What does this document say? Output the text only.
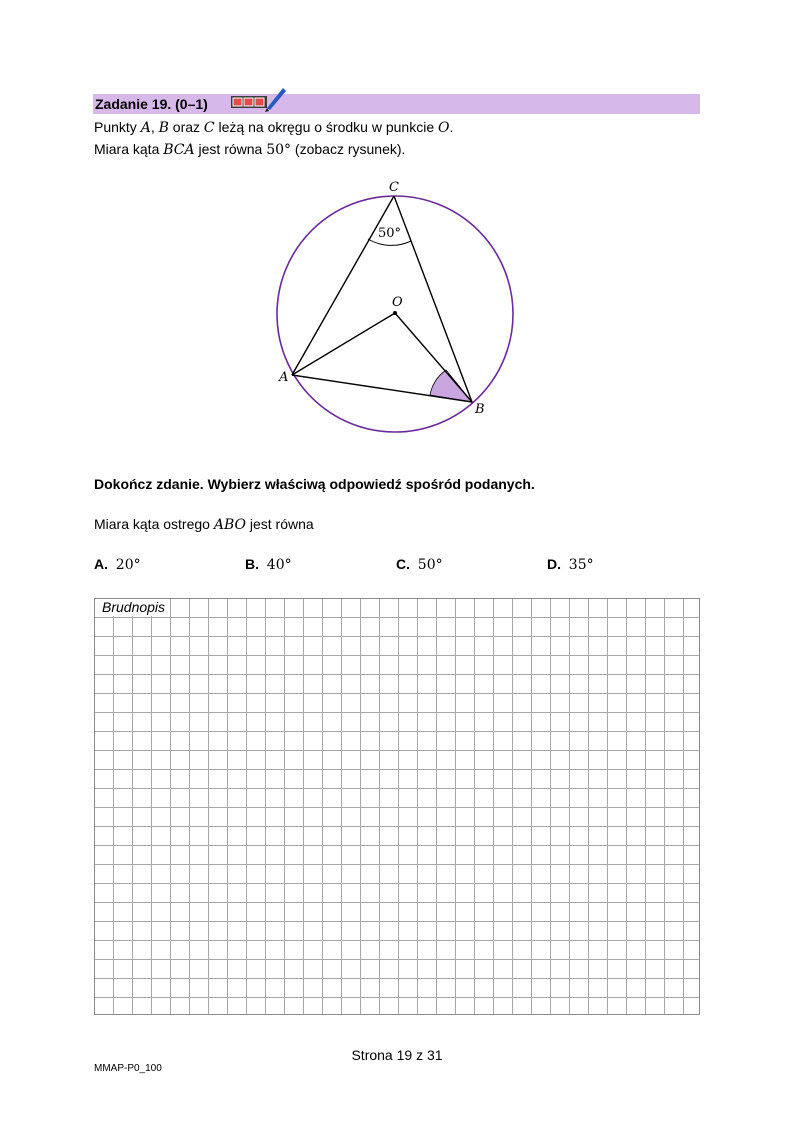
Zadanie 19. (0–1)
Punkty A, B oraz C leżą na okręgu o środku w punkcie O.
Miara kąta BCA jest równa 50° (zobacz rysunek).
C
O
A
B
50°
Dokończ zdanie. Wybierz właściwą odpowiedź spośród podanych.
Miara kąta ostrego ABO jest równa
A. 20°	B. 40°	C. 50°	D. 35°
Brudnopis
Strona 19 z 31
MMAP-P0_100
